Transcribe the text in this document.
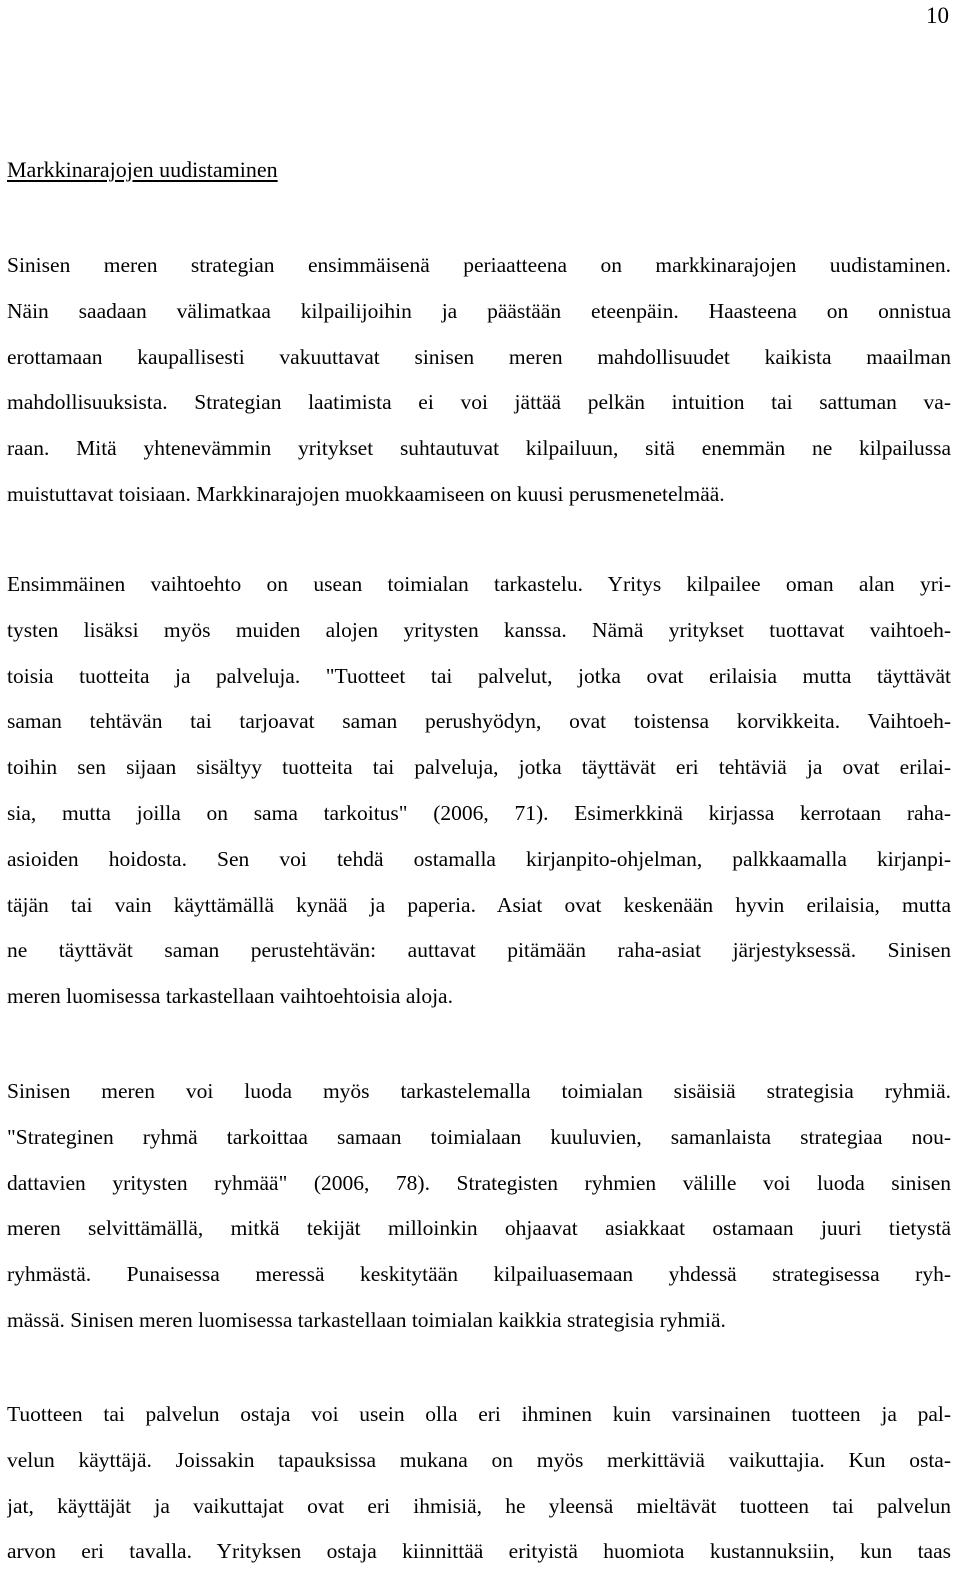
10
Markkinarajojen uudistaminen
Sinisen meren strategian ensimmäisenä periaatteena on markkinarajojen uudistaminen.
Näin saadaan välimatkaa kilpailijoihin ja päästään eteenpäin. Haasteena on onnistua
erottamaan kaupallisesti vakuuttavat sinisen meren mahdollisuudet kaikista maailman
mahdollisuuksista. Strategian laatimista ei voi jättää pelkän intuition tai sattuman va-
raan. Mitä yhtenevämmin yritykset suhtautuvat kilpailuun, sitä enemmän ne kilpailussa
muistuttavat toisiaan. Markkinarajojen muokkaamiseen on kuusi perusmenetelmää.
Ensimmäinen vaihtoehto on usean toimialan tarkastelu. Yritys kilpailee oman alan yri-
tysten lisäksi myös muiden alojen yritysten kanssa. Nämä yritykset tuottavat vaihtoeh-
toisia tuotteita ja palveluja. "Tuotteet tai palvelut, jotka ovat erilaisia mutta täyttävät
saman tehtävän tai tarjoavat saman perushyödyn, ovat toistensa korvikkeita. Vaihtoeh-
toihin sen sijaan sisältyy tuotteita tai palveluja, jotka täyttävät eri tehtäviä ja ovat erilai-
sia, mutta joilla on sama tarkoitus" (2006, 71). Esimerkkinä kirjassa kerrotaan raha-
asioiden hoidosta. Sen voi tehdä ostamalla kirjanpito-ohjelman, palkkaamalla kirjanpi-
täjän tai vain käyttämällä kynää ja paperia. Asiat ovat keskenään hyvin erilaisia, mutta
ne täyttävät saman perustehtävän: auttavat pitämään raha-asiat järjestyksessä. Sinisen
meren luomisessa tarkastellaan vaihtoehtoisia aloja.
Sinisen meren voi luoda myös tarkastelemalla toimialan sisäisiä strategisia ryhmiä.
"Strateginen ryhmä tarkoittaa samaan toimialaan kuuluvien, samanlaista strategiaa nou-
dattavien yritysten ryhmää" (2006, 78). Strategisten ryhmien välille voi luoda sinisen
meren selvittämällä, mitkä tekijät milloinkin ohjaavat asiakkaat ostamaan juuri tietystä
ryhmästä. Punaisessa meressä keskitytään kilpailuasemaan yhdessä strategisessa ryh-
mässä. Sinisen meren luomisessa tarkastellaan toimialan kaikkia strategisia ryhmiä.
Tuotteen tai palvelun ostaja voi usein olla eri ihminen kuin varsinainen tuotteen ja pal-
velun käyttäjä. Joissakin tapauksissa mukana on myös merkittäviä vaikuttajia. Kun osta-
jat, käyttäjät ja vaikuttajat ovat eri ihmisiä, he yleensä mieltävät tuotteen tai palvelun
arvon eri tavalla. Yrityksen ostaja kiinnittää erityistä huomiota kustannuksiin, kun taas
